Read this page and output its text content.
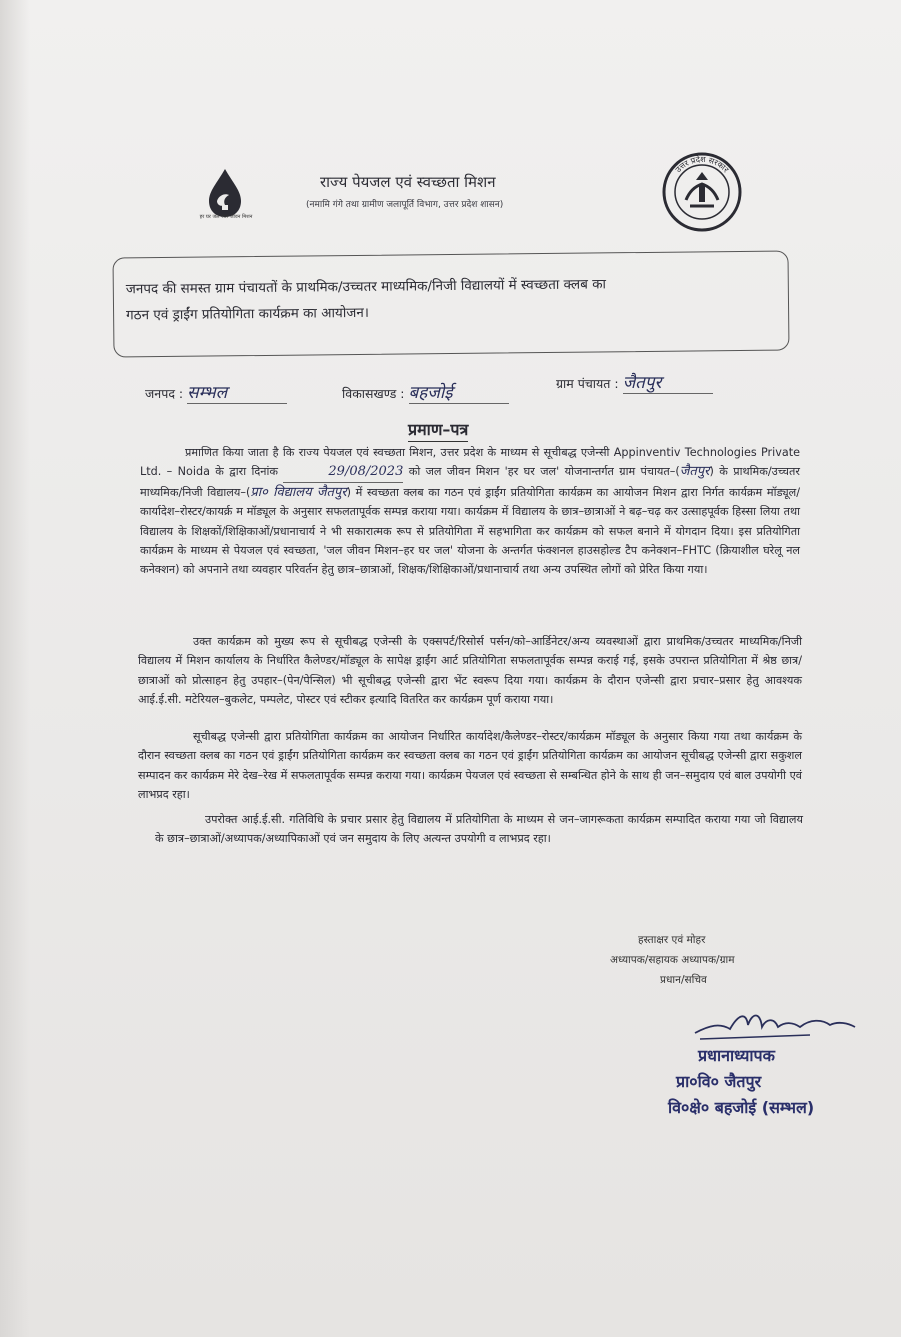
हर घर जल जल जीवन मिशन
उत्तर प्रदेश सरकार
राज्य पेयजल एवं स्वच्छता मिशन
(नमामि गंगे तथा ग्रामीण जलापूर्ति विभाग, उत्तर प्रदेश शासन)
जनपद की समस्त ग्राम पंचायतों के प्राथमिक/उच्चतर माध्यमिक/निजी विद्यालयों में स्वच्छता क्लब का
गठन एवं ड्राईंग प्रतियोगिता कार्यक्रम का आयोजन।
जनपद : सम्भल	विकासखण्ड : बहजोई	ग्राम पंचायत : जैतपुर
प्रमाण–पत्र
प्रमाणित किया जाता है कि राज्य पेयजल एवं स्वच्छता मिशन, उत्तर प्रदेश के माध्यम से सूचीबद्ध एजेन्सी Appinventiv Technologies Private Ltd. – Noida के द्वारा दिनांक	29/08/2023 को जल जीवन मिशन 'हर घर जल' योजनान्तर्गत ग्राम पंचायत–(जैतपुर) के प्राथमिक/उच्चतर माध्यमिक/निजी विद्यालय–(प्रा० विद्यालय जैतपुर) में स्वच्छता क्लब का गठन एवं ड्राईंग प्रतियोगिता कार्यक्रम का आयोजन मिशन द्वारा निर्गत कार्यक्रम मॉड्यूल/कार्यादेश–रोस्टर/कायर्क्र म मॉड्यूल के अनुसार सफलतापूर्वक सम्पन्न कराया गया। कार्यक्रम में विद्यालय के छात्र–छात्राओं ने बढ़–चढ़ कर उत्साहपूर्वक हिस्सा लिया तथा विद्यालय के शिक्षकों/शिक्षिकाओं/प्रधानाचार्य ने भी सकारात्मक रूप से प्रतियोगिता में सहभागिता कर कार्यक्रम को सफल बनाने में योगदान दिया। इस प्रतियोगिता कार्यक्रम के माध्यम से पेयजल एवं स्वच्छता, 'जल जीवन मिशन–हर घर जल' योजना के अन्तर्गत फंक्शनल हाउसहोल्ड टैप कनेक्शन–FHTC (क्रियाशील घरेलू नल कनेक्शन) को अपनाने तथा व्यवहार परिवर्तन हेतु छात्र–छात्राओं, शिक्षक/शिक्षिकाओं/प्रधानाचार्य तथा अन्य उपस्थित लोगों को प्रेरित किया गया।
उक्त कार्यक्रम को मुख्य रूप से सूचीबद्ध एजेन्सी के एक्सपर्ट/रिसोर्स पर्सन/को–आर्डिनेटर/अन्य व्यवस्थाओं द्वारा प्राथमिक/उच्चतर माध्यमिक/निजी विद्यालय में मिशन कार्यालय के निर्धारित कैलेण्डर/मॉड्यूल के सापेक्ष ड्राईंग आर्ट प्रतियोगिता सफलतापूर्वक सम्पन्न कराई गई, इसके उपरान्त प्रतियोगिता में श्रेष्ठ छात्र/छात्राओं को प्रोत्साहन हेतु उपहार–(पेन/पेन्सिल) भी सूचीबद्ध एजेन्सी द्वारा भेंट स्वरूप दिया गया। कार्यक्रम के दौरान एजेन्सी द्वारा प्रचार–प्रसार हेतु आवश्यक आई.ई.सी. मटेरियल–बुकलेट, पम्पलेट, पोस्टर एवं स्टीकर इत्यादि वितरित कर कार्यक्रम पूर्ण कराया गया।
सूचीबद्ध एजेन्सी द्वारा प्रतियोगिता कार्यक्रम का आयोजन निर्धारित कार्यादेश/कैलेण्डर–रोस्टर/कार्यक्रम मॉड्यूल के अनुसार किया गया तथा कार्यक्रम के दौरान स्वच्छता क्लब का गठन एवं ड्राईंग प्रतियोगिता कार्यक्रम कर स्वच्छता क्लब का गठन एवं ड्राईंग प्रतियोगिता कार्यक्रम का आयोजन सूचीबद्ध एजेन्सी द्वारा सकुशल सम्पादन कर कार्यक्रम मेरे देख–रेख में सफलतापूर्वक सम्पन्न कराया गया। कार्यक्रम पेयजल एवं स्वच्छता से सम्बन्धित होने के साथ ही जन–समुदाय एवं बाल उपयोगी एवं लाभप्रद रहा।
उपरोक्त आई.ई.सी. गतिविधि के प्रचार प्रसार हेतु विद्यालय में प्रतियोगिता के माध्यम से जन–जागरूकता कार्यक्रम सम्पादित कराया गया जो विद्यालय के छात्र–छात्राओं/अध्यापक/अध्यापिकाओं एवं जन समुदाय के लिए अत्यन्त उपयोगी व लाभप्रद रहा।
हस्ताक्षर एवं मोहर
अध्यापक/सहायक अध्यापक/ग्राम
प्रधान/सचिव
प्रधानाध्यापक
प्रा०वि० जैतपुर
वि०क्षे० बहजोई (सम्भल)
